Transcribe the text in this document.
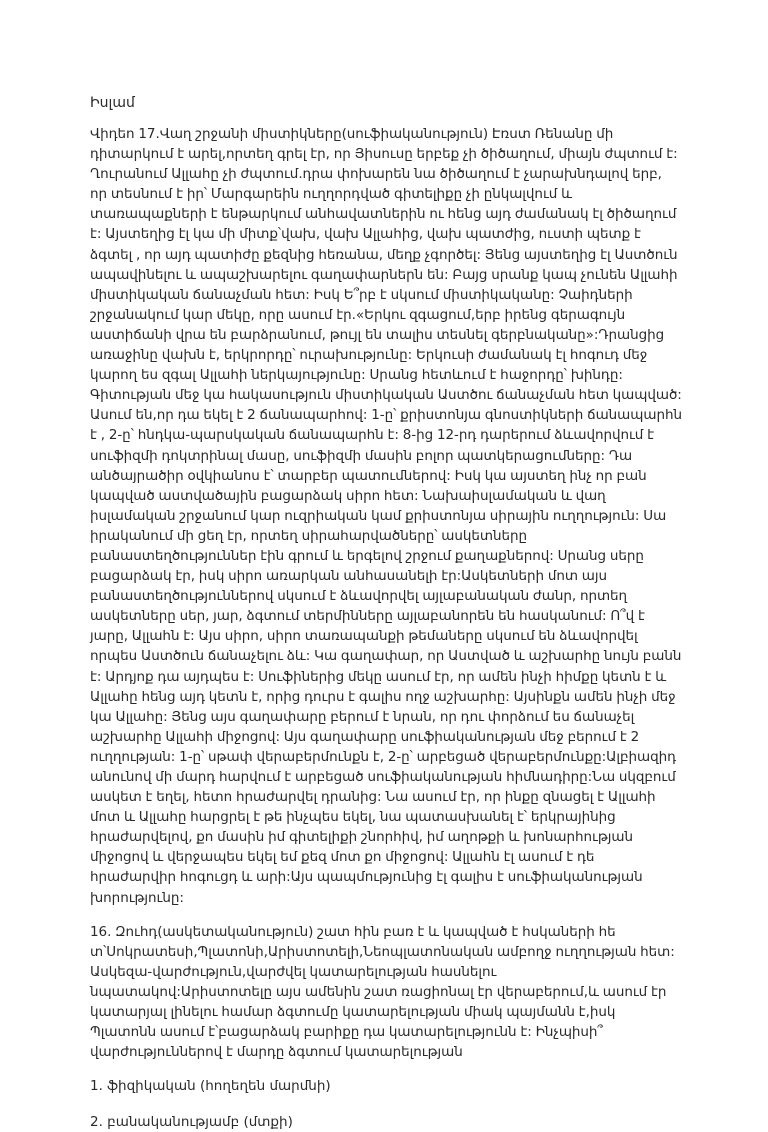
Իսլամ

Վիդեո 17.Վաղ շրջանի միստիկները(սուֆիականություն) Էռստ Ռենանը մի դիտարկում է արել,որտեղ գրել էր, որ Յիսուսը երբեք չի ծիծաղում, միայն ժպտում է: Ղուրանում Ալլահը չի ժպտում.դրա փոխարեն նա ծիծաղում է չարախնդալով երբ, որ տեսնում է իր՝ Մարգարեին ուղղորդված գիտելիքը չի ընկալվում և տառապաքների է ենթարկում անհավատներին ու հենց այդ ժամանակ էլ ծիծաղում է: Այստեղից էլ կա մի միտք՝վախ, վախ Ալլահից, վախ պատժից, ուստի պետք է ձգտել , որ այդ պատիժը քեզնից հեռանա, մեղք չգործել: Յենց այստեղից էլ Աստծուն ապավինելու և ապաշխարելու գաղափարներն են: Բայց սրանք կապ չունեն Ալլահի միստիկական ճանաչման հետ: Իսկ Ե՞րբ է սկսում միստիկականը: Չաիդների շրջանակում կար մեկը, որը ասում էր.«Երկու զգացում,երբ իրենց գերագույն աստիճանի վրա են բարձրանում, թույլ են տալիս տեսնել գերբնականը»:Դրանցից առաջինը վախն է, երկրորդը՝ ուրախությունը: Երկուսի ժամանակ էլ հոգուդ մեջ կարող ես զգալ Ալլահի ներկայությունը: Սրանց հետևում է հաջորդը՝ խինդը: Գիտության մեջ կա հակասություն միստիկական Աստծու ճանաչման հետ կապված: Ասում են,որ դա եկել է 2 ճանապարհով: 1-ը՝ քրիստոնյա գնոստիկների ճանապարհն է , 2-ը՝ հնդկա-պարսկական ճանապարհն է: 8-ից 12-րդ դարերում ձևավորվում է սուֆիզմի դոկտրինալ մասը, սուֆիզմի մասին բոլոր պատկերացումները: Դա անծայրածիր օվկիանոս է՝ տարբեր պատումներով: Իսկ կա այստեղ ինչ որ բան կապված աստվածային բացարձակ սիրո հետ: Նախաիսլամական և վաղ իսլամական շրջանում կար ուզրիական կամ քրիստոնյա սիրային ուղղություն: Սա իրականում մի ցեղ էր, որտեղ սիրահարվածները՝ ասկետները բանաստեղծություններ էին գրում և երգելով շրջում քաղաքներով: Սրանց սերը բացարձակ էր, իսկ սիրո առարկան անհասանելի էր:Ասկետների մոտ այս բանաստեղծություններով սկսում է ձևավորվել այլաբանական ժանր, որտեղ ասկետները սեր, յար, ձգտում տերմինները այլաբանորեն են հասկանում: Ո՞վ է յարը, Ալլահն է: Այս սիրո, սիրո տառապանքի թեմաները սկսում են ձևավորվել որպես Աստծուն ճանաչելու ձև: Կա գաղափար, որ Աստված և աշխարհը նույն բանն է: Արդյոք դա այդպես է: Սուֆիներից մեկը ասում էր, որ ամեն ինչի հիմքը կետն է և Ալլահը հենց այդ կետն է, որից դուրս է գալիս ողջ աշխարհը: Այսինքն ամեն ինչի մեջ կա Ալլահը: Յենց այս գաղափարը բերում է նրան, որ դու փորձում ես ճանաչել աշխարհը Ալլահի միջոցով: Այս գաղափարը սուֆիականության մեջ բերում է 2 ուղղության: 1-ը՝ սթափ վերաբերմունքն է, 2-ը՝ արբեցած վերաբերմունքը:Ալբիազիդ անունով մի մարդ հարվում է արբեցած սուֆիականության հիմնադիրը:Նա սկզբում ասկետ է եղել, հետո հրաժարվել դրանից: Նա ասում էր, որ ինքը զնացել է Ալլահի մոտ և Ալլահը հարցրել է թե ինչպես եկել, նա պատասխանել է՝ երկրայինից հրաժարվելով, քո մասին իմ գիտելիքի շնորհիվ, իմ աղոթքի և խոնարհության միջոցով և վերջապես եկել եմ քեզ մոտ քո միջոցով: Ալլահն էլ ասում է դե հրաժարվիր հոգուցդ և արի:Այս պապմությունից էլ գալիս է սուֆիականության խորությունը:

16. Զուհդ(ասկետականություն) շատ հին բառ է և կապված է հսկաների հե տ՝Սոկրատեսի,Պլատոնի,Արիստոտելի,Նեոպլատոնական ամբողջ ուղղության հետ: Ասկեզա-վարժություն,վարժվել կատարելության հասնելու նպատակով:Արիստոտելը այս ամենին շատ ռացիոնալ էր վերաբերում,և ասում էր կատարյալ լինելու համար ձգտումը կատարելության միակ պայմանն է,իսկ Պլատոնն ասում է՝բացարձակ բարիքը դա կատարելությունն է: Ինչպիսի՞ վարժություններով է մարդը ձգտում կատարելության

1. ֆիզիկական (հողեղեն մարմնի)
2. բանականությամբ (մտքի)
